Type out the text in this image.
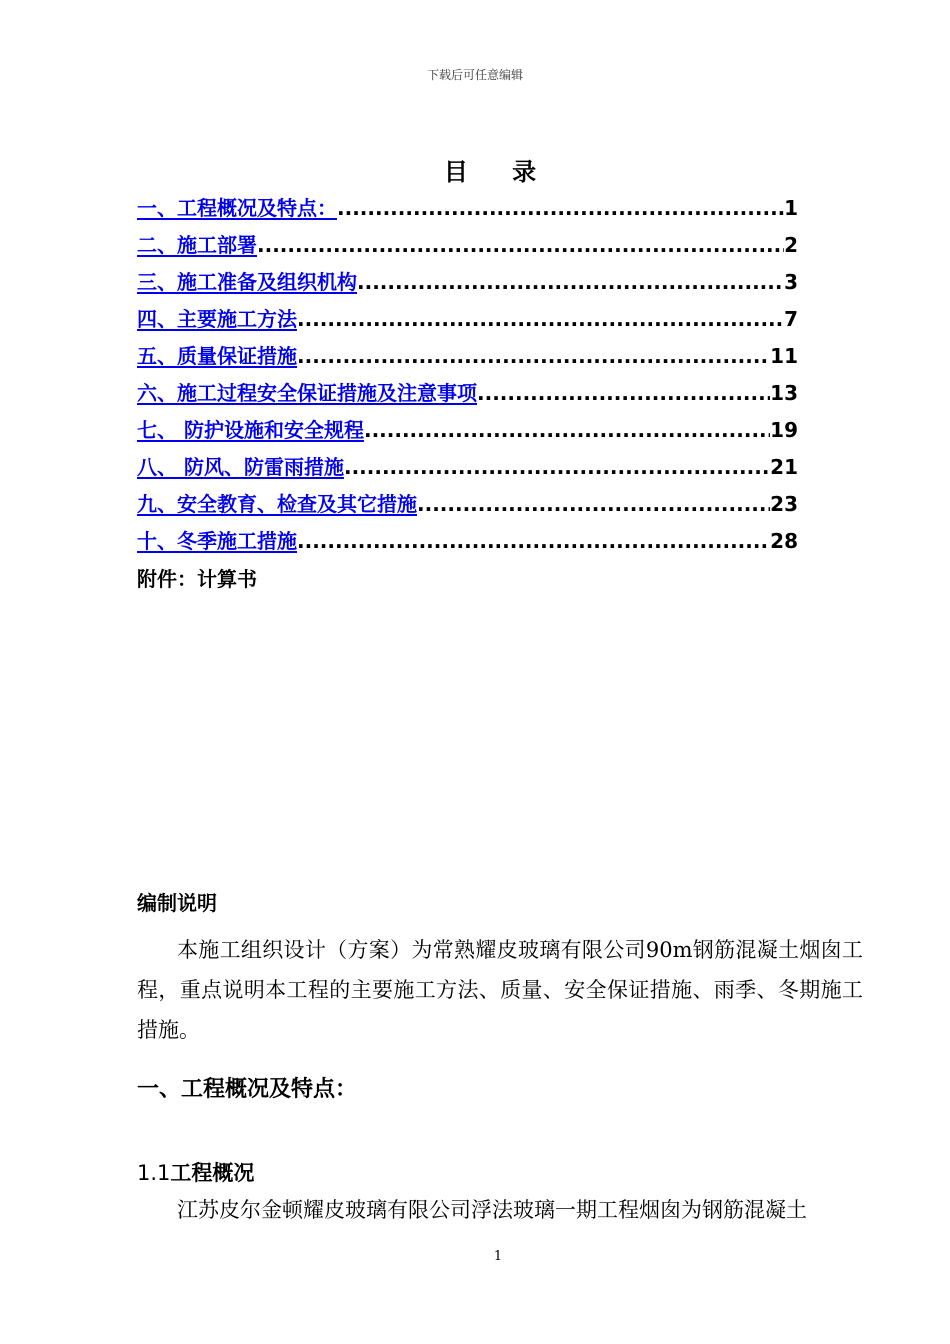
下载后可任意编辑
目 录
一、工程概况及特点： .....	1
二、施工部署 .....	2
三、施工准备及组织机构 .....	3
四、主要施工方法 .....	7
五、质量保证措施 .....	11
六、施工过程安全保证措施及注意事项 .....	13
七、 防护设施和安全规程 .....	19
八、 防风、防雷雨措施 .....	21
九、安全教育、检查及其它措施 .....	23
十、冬季施工措施 .....	28
附件：计算书
编制说明
本施工组织设计（方案）为常熟耀皮玻璃有限公司90m钢筋混凝土烟囱工程，重点说明本工程的主要施工方法、质量、安全保证措施、雨季、冬期施工措施。
一、工程概况及特点：
1.1工程概况
江苏皮尔金顿耀皮玻璃有限公司浮法玻璃一期工程烟囱为钢筋混凝土
1
